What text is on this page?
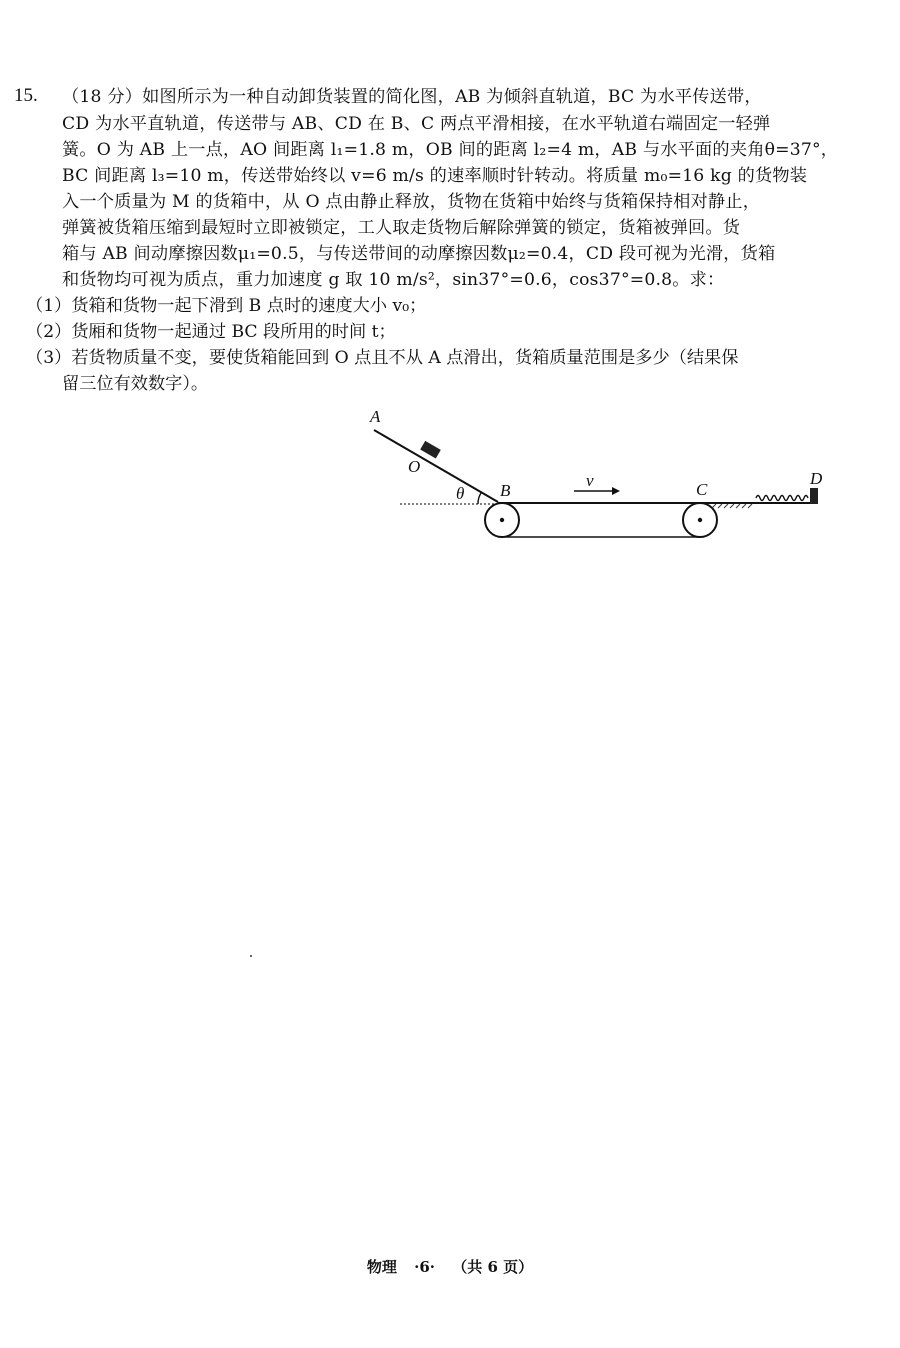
15. （18 分）如图所示为一种自动卸货装置的简化图，AB 为倾斜直轨道，BC 为水平传送带，
CD 为水平直轨道，传送带与 AB、CD 在 B、C 两点平滑相接，在水平轨道右端固定一轻弹
簧。O 为 AB 上一点，AO 间距离 l₁=1.8 m，OB 间的距离 l₂=4 m，AB 与水平面的夹角θ=37°，
BC 间距离 l₃=10 m，传送带始终以 v=6 m/s 的速率顺时针转动。将质量 m₀=16 kg 的货物装
入一个质量为 M 的货箱中，从 O 点由静止释放，货物在货箱中始终与货箱保持相对静止，
弹簧被货箱压缩到最短时立即被锁定，工人取走货物后解除弹簧的锁定，货箱被弹回。货
箱与 AB 间动摩擦因数μ₁=0.5，与传送带间的动摩擦因数μ₂=0.4，CD 段可视为光滑，货箱
和货物均可视为质点，重力加速度 g 取 10 m/s²，sin37°=0.6，cos37°=0.8。求：
（1）货箱和货物一起下滑到 B 点时的速度大小 v₀；
（2）货厢和货物一起通过 BC 段所用的时间 t；
（3）若货物质量不变，要使货箱能回到 O 点且不从 A 点滑出，货箱质量范围是多少（结果保
留三位有效数字）。
A
O
θ B
v	C
D
物理 ·6· （共 6 页）
